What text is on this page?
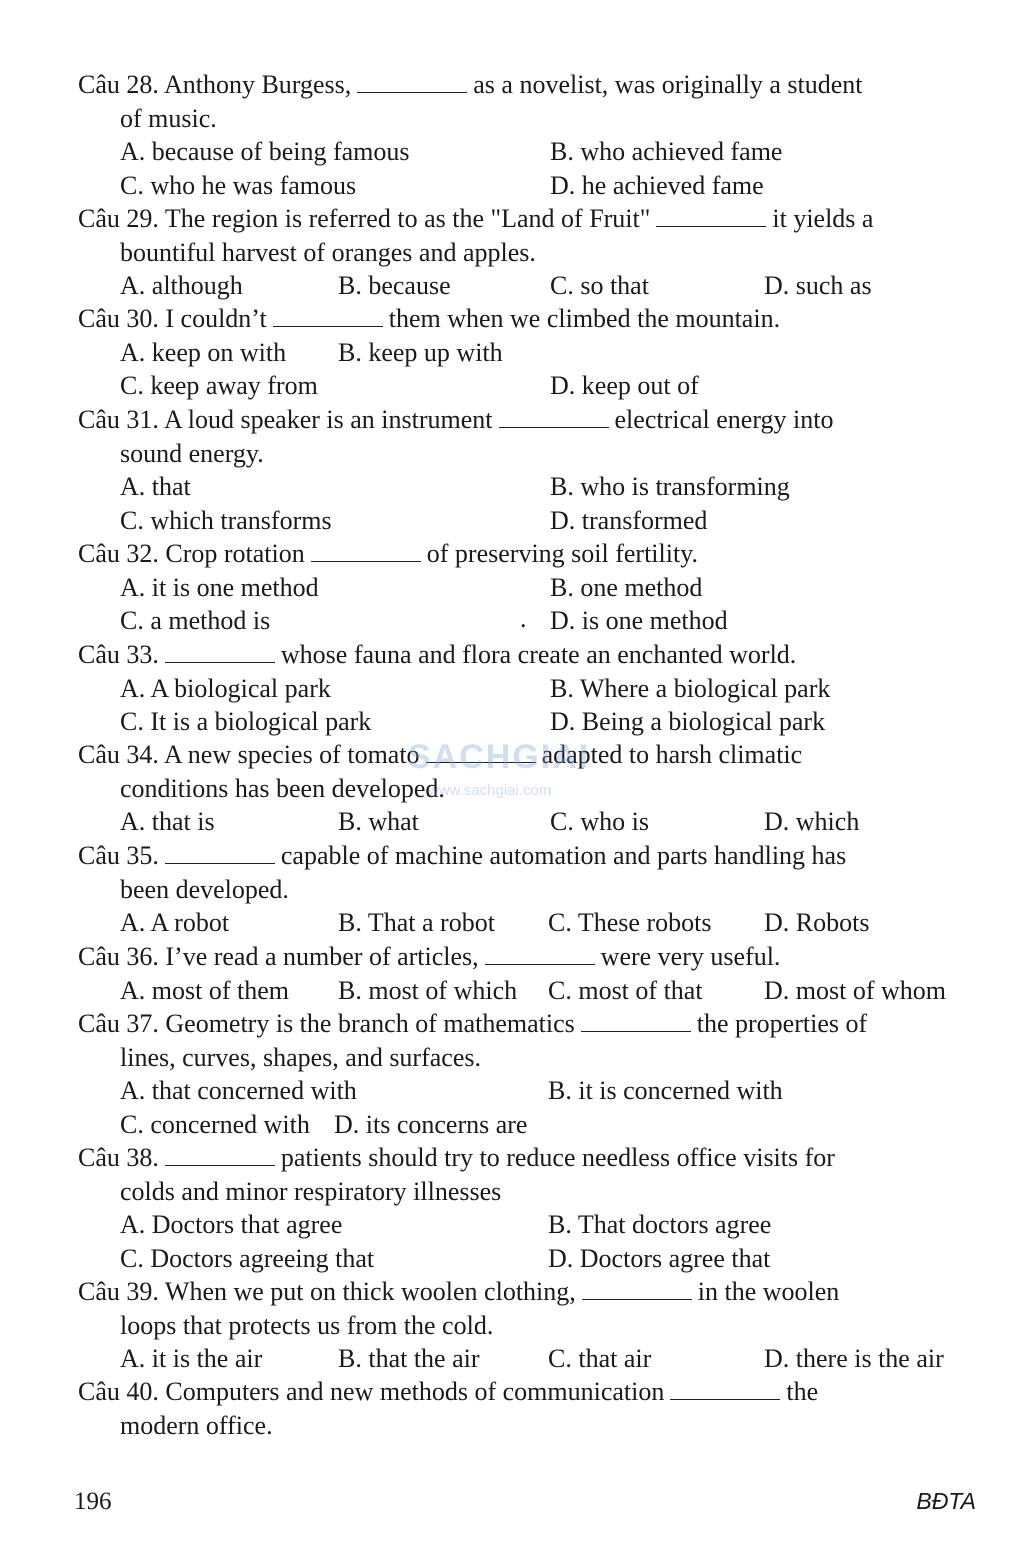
Câu 28. Anthony Burgess,	as a novelist, was originally a student
of music.
A. because of being famous	B. who achieved fame
C. who he was famous	D. he achieved fame
Câu 29. The region is referred to as the "Land of Fruit"	it yields a
bountiful harvest of oranges and apples.
A. although	B. because	C. so that	D. such as
Câu 30. I couldn’t	them when we climbed the mountain.
A. keep on with B. keep up with
C. keep away from	D. keep out of
Câu 31. A loud speaker is an instrument	electrical energy into
sound energy.
A. that	B. who is transforming
C. which transforms	D. transformed
Câu 32. Crop rotation	of preserving soil fertility.
A. it is one method	B. one method
C. a method is	D. is one method
Câu 33.	whose fauna and flora create an enchanted world.
A. A biological park	B. Where a biological park
C. It is a biological park	D. Being a biological park
Câu 34. A new species of tomato	adapted to harsh climatic
conditions has been developed.
A. that is	B. what	C. who is	D. which
Câu 35.	capable of machine automation and parts handling has
been developed.
A. A robot	B. That a robot C. These robots D. Robots
Câu 36. I’ve read a number of articles,	were very useful.
A. most of them B. most of which C. most of that D. most of whom
Câu 37. Geometry is the branch of mathematics	the properties of
lines, curves, shapes, and surfaces.
A. that concerned with	B. it is concerned with
C. concerned with D. its concerns are
Câu 38.	patients should try to reduce needless office visits for
colds and minor respiratory illnesses
A. Doctors that agree	B. That doctors agree
C. Doctors agreeing that	D. Doctors agree that
Câu 39. When we put on thick woolen clothing,	in the woolen
loops that protects us from the cold.
A. it is the air	B. that the air	C. that air	D. there is the air
Câu 40. Computers and new methods of communication	the
modern office.
.
SACHGIAI
www.sachgiai.com
196	BĐTA
